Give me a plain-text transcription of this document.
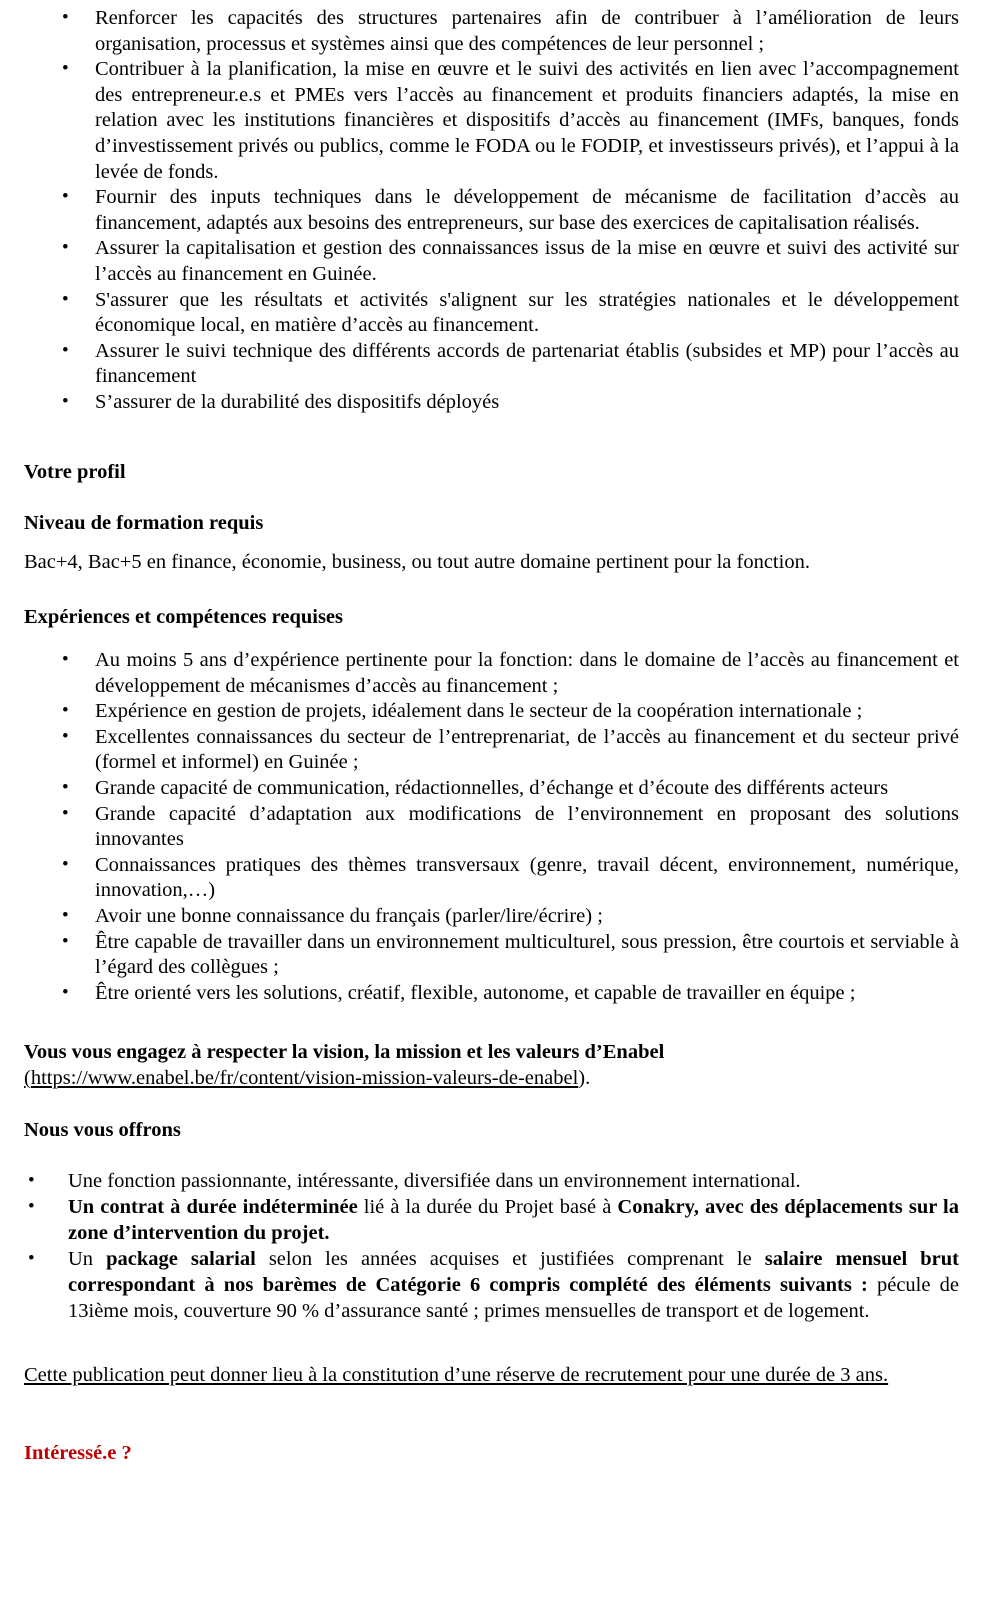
• Renforcer les capacités des structures partenaires afin de contribuer à l’amélioration de leurs organisation, processus et systèmes ainsi que des compétences de leur personnel ;
• Contribuer à la planification, la mise en œuvre et le suivi des activités en lien avec l’accompagnement des entrepreneur.e.s et PMEs vers l’accès au financement et produits financiers adaptés, la mise en relation avec les institutions financières et dispositifs d’accès au financement (IMFs, banques, fonds d’investissement privés ou publics, comme le FODA ou le FODIP, et investisseurs privés), et l’appui à la levée de fonds.
• Fournir des inputs techniques dans le développement de mécanisme de facilitation d’accès au financement, adaptés aux besoins des entrepreneurs, sur base des exercices de capitalisation réalisés.
• Assurer la capitalisation et gestion des connaissances issus de la mise en œuvre et suivi des activité sur l’accès au financement en Guinée.
• S'assurer que les résultats et activités s'alignent sur les stratégies nationales et le développement économique local, en matière d’accès au financement.
• Assurer le suivi technique des différents accords de partenariat établis (subsides et MP) pour l’accès au financement
• S’assurer de la durabilité des dispositifs déployés
Votre profil
Niveau de formation requis

Bac+4, Bac+5 en finance, économie, business, ou tout autre domaine pertinent pour la fonction.

Expériences et compétences requises
• Au moins 5 ans d’expérience pertinente pour la fonction: dans le domaine de l’accès au financement et développement de mécanismes d’accès au financement ;
• Expérience en gestion de projets, idéalement dans le secteur de la coopération internationale ;
• Excellentes connaissances du secteur de l’entreprenariat, de l’accès au financement et du secteur privé (formel et informel) en Guinée ;
• Grande capacité de communication, rédactionnelles, d’échange et d’écoute des différents acteurs
• Grande capacité d’adaptation aux modifications de l’environnement en proposant des solutions innovantes
• Connaissances pratiques des thèmes transversaux (genre, travail décent, environnement, numérique, innovation,…)
• Avoir une bonne connaissance du français (parler/lire/écrire) ;
• Être capable de travailler dans un environnement multiculturel, sous pression, être courtois et serviable à l’égard des collègues ;
• Être orienté vers les solutions, créatif, flexible, autonome, et capable de travailler en équipe ;

Vous vous engagez à respecter la vision, la mission et les valeurs d’Enabel

(https://www.enabel.be/fr/content/vision-mission-valeurs-de-enabel).

Nous vous offrons
• Une fonction passionnante, intéressante, diversifiée dans un environnement international.
• Un contrat à durée indéterminée lié à la durée du Projet basé à Conakry, avec des déplacements sur la zone d’intervention du projet.
• Un package salarial selon les années acquises et justifiées comprenant le salaire mensuel brut correspondant à nos barèmes de Catégorie 6 compris complété des éléments suivants : pécule de 13ième mois, couverture 90 % d’assurance santé ; primes mensuelles de transport et de logement.

Cette publication peut donner lieu à la constitution d’une réserve de recrutement pour une durée de 3 ans.

Intéressé.e ?
